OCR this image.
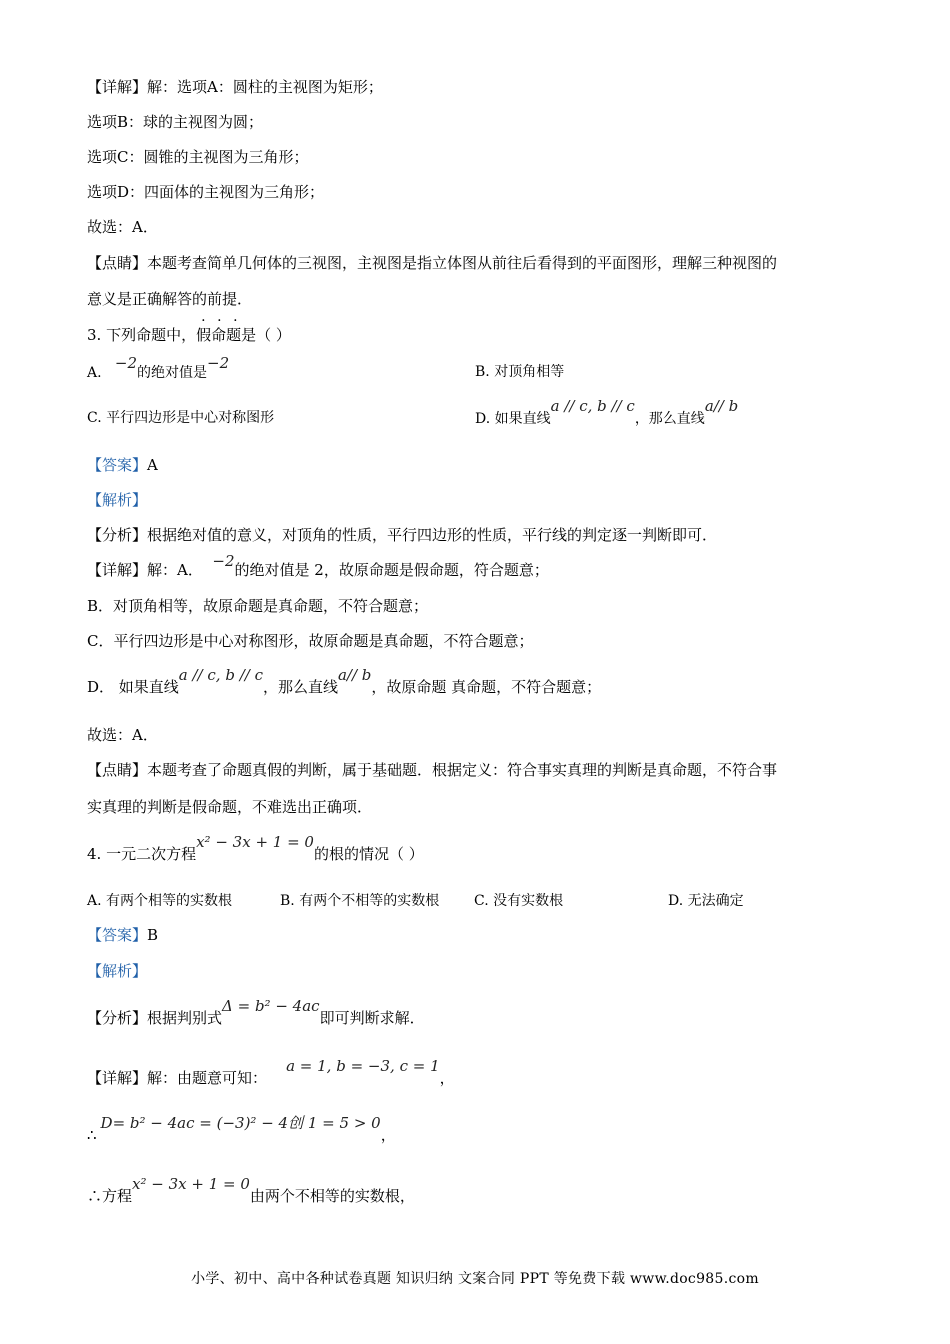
【详解】解：选项A：圆柱的主视图为矩形；
选项B：球的主视图为圆；
选项C：圆锥的主视图为三角形；
选项D：四面体的主视图为三角形；
故选：A．
【点睛】本题考查简单几何体的三视图，主视图是指立体图从前往后看得到的平面图形，理解三种视图的
意义是正确解答的前提．
3. 下列命题中，
· · ·
假命题是（ ）
A.   −2的绝对值是−2	B. 对顶角相等
C. 平行四边形是中心对称图形	D. 如果直线a // c, b // c，那么直线a// b
【答案】A
【解析】
【分析】根据绝对值的意义，对顶角的性质，平行四边形的性质，平行线的判定逐一判断即可．
【详解】解：A． −2的绝对值是 2，故原命题是假命题，符合题意；
B．对顶角相等，故原命题是真命题，不符合题意；
C．平行四边形是中心对称图形，故原命题是真命题，不符合题意；
D． 如果直线a // c, b // c，那么直线a// b，故原命题 真命题，不符合题意；
故选：A．
【点睛】本题考查了命题真假的判断，属于基础题．根据定义：符合事实真理的判断是真命题，不符合事
实真理的判断是假命题，不难选出正确项．
4. 一元二次方程x² − 3x + 1 = 0的根的情况（ ）
A. 有两个相等的实数根	B. 有两个不相等的实数根 C. 没有实数根	D. 无法确定
【答案】B
【解析】
【分析】根据判别式Δ = b² − 4ac即可判断求解．
【详解】解：由题意可知：    a = 1, b = −3, c = 1，
∴D= b² − 4ac = (−3)² − 4创 1 = 5 > 0，
∴方程x² − 3x + 1 = 0由两个不相等的实数根，
小学、初中、高中各种试卷真题 知识归纳 文案合同 PPT 等免费下载 www.doc985.com
